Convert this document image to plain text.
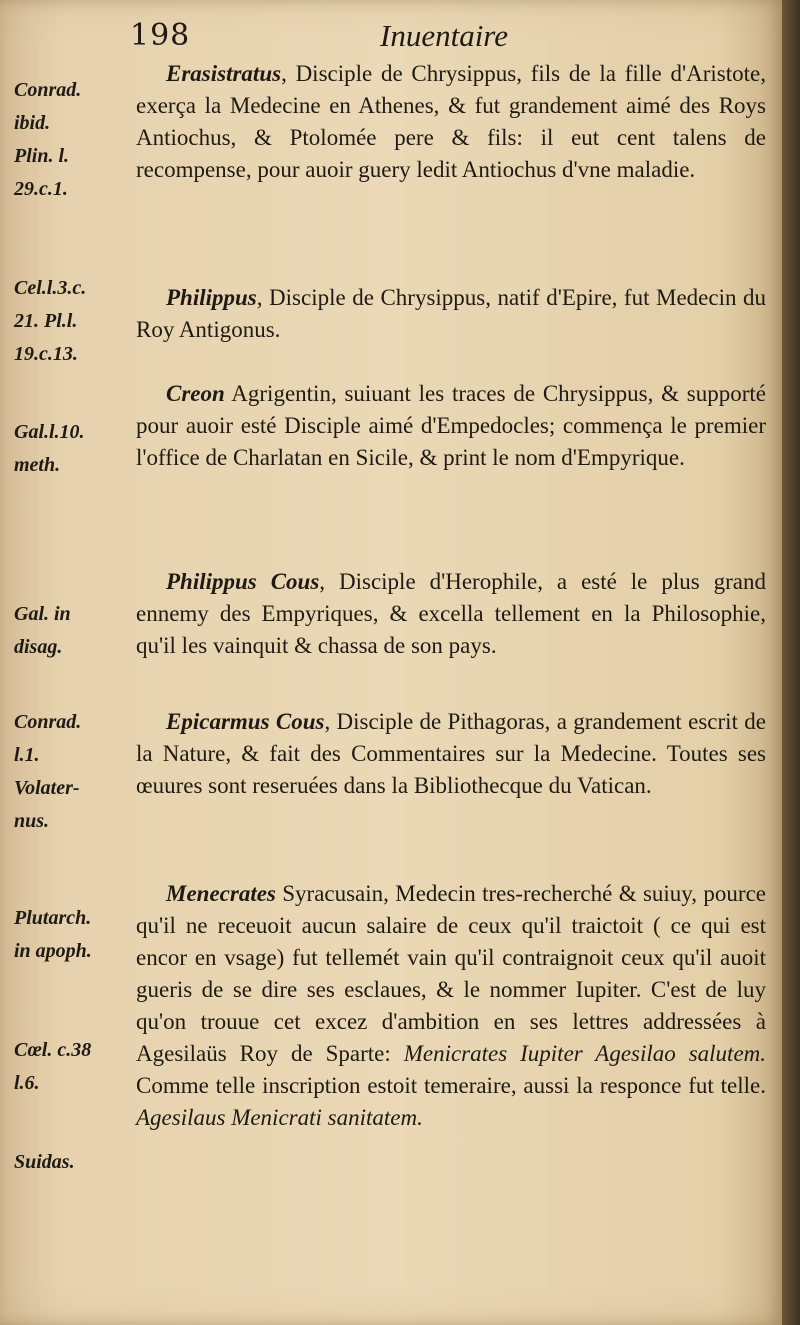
198	Inuentaire
Conrad.
ibid.
Plin. l.
29.c.1.
Cel.l.3.c.
21. Pl.l.
19.c.13.
Gal.l.10.
meth.
Gal. in
disag.
Conrad.
l.1.
Volater-
nus.
Plutarch.
in apoph.
Cœl. c.38
l.6.
Suidas.

Erasistratus, Disciple de Chrysippus, fils de la fille d'Aristote, exerça la Medecine en Athenes, & fut grandement aimé des Roys Antiochus, & Ptolomée pere & fils: il eut cent talens de recompense, pour auoir guery ledit Antiochus d'vne maladie.

Philippus, Disciple de Chrysippus, natif d'Epire, fut Medecin du Roy Antigonus.

Creon Agrigentin, suiuant les traces de Chrysippus, & supporté pour auoir esté Disciple aimé d'Empedocles; commença le premier l'office de Charlatan en Sicile, & print le nom d'Empyrique.

Philippus Cous, Disciple d'Herophile, a esté le plus grand ennemy des Empyriques, & excella tellement en la Philosophie, qu'il les vainquit & chassa de son pays.

Epicarmus Cous, Disciple de Pithagoras, a grandement escrit de la Nature, & fait des Commentaires sur la Medecine. Toutes ses œuures sont reseruées dans la Bibliothecque du Vatican.

Menecrates Syracusain, Medecin tres-recherché & suiuy, pource qu'il ne receuoit aucun salaire de ceux qu'il traictoit ( ce qui est encor en vsage) fut tellemét vain qu'il contraignoit ceux qu'il auoit gueris de se dire ses esclaues, & le nommer Iupiter. C'est de luy qu'on trouue cet excez d'ambition en ses lettres addressées à Agesilaüs Roy de Sparte: Menicrates Iupiter Agesilao salutem. Comme telle inscription estoit temeraire, aussi la responce fut telle. Agesilaus Menicrati sanitatem.
